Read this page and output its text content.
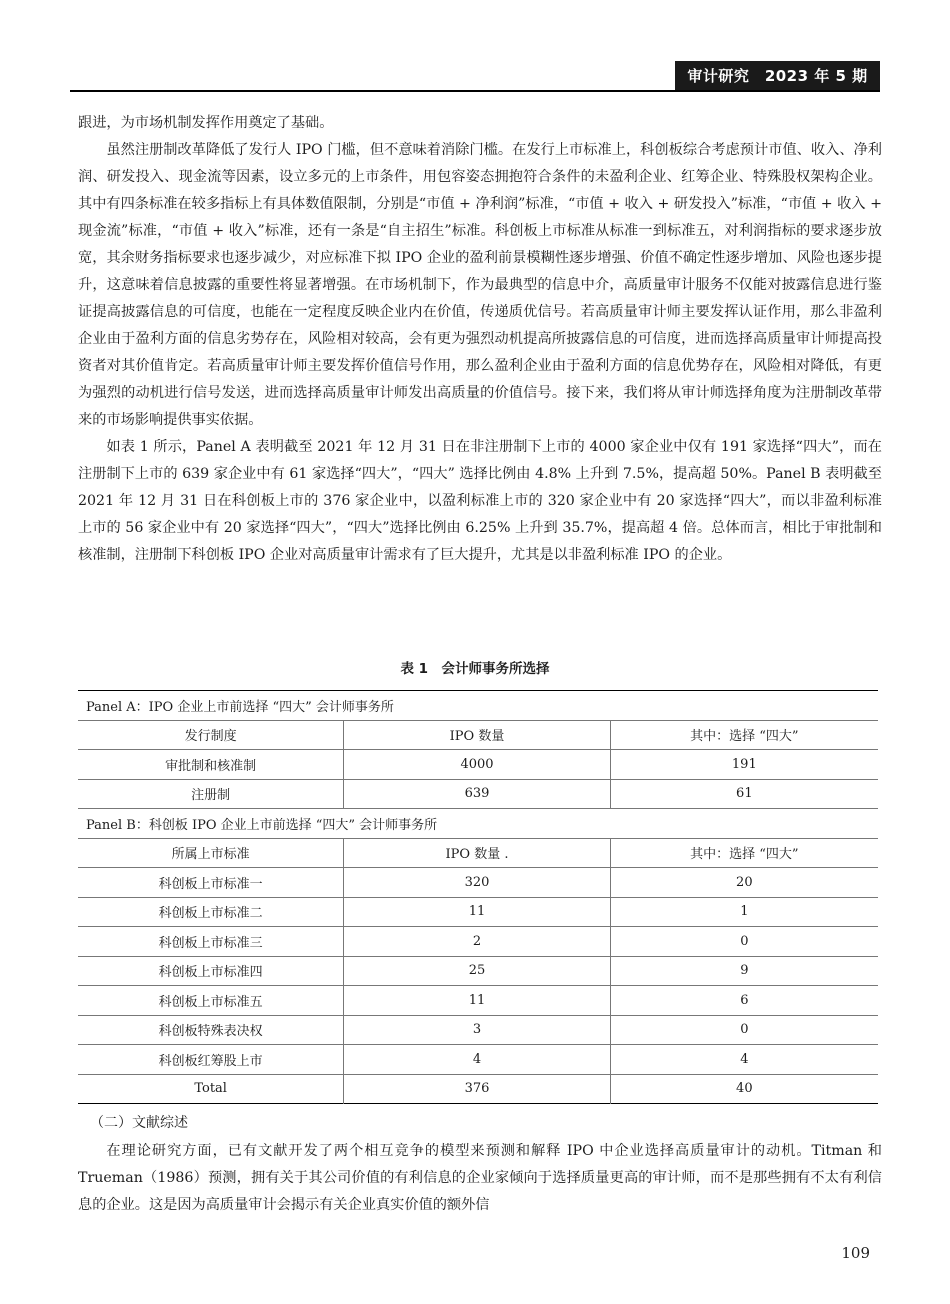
审计研究　2023 年 5 期

跟进，为市场机制发挥作用奠定了基础。

虽然注册制改革降低了发行人 IPO 门槛，但不意味着消除门槛。在发行上市标准上，科创板综合考虑预计市值、收入、净利润、研发投入、现金流等因素，设立多元的上市条件，用包容姿态拥抱符合条件的未盈利企业、红筹企业、特殊股权架构企业。其中有四条标准在较多指标上有具体数值限制，分别是“市值 + 净利润”标准，“市值 + 收入 + 研发投入”标准，“市值 + 收入 + 现金流”标准，“市值 + 收入”标准，还有一条是“自主招生”标准。科创板上市标准从标准一到标准五，对利润指标的要求逐步放宽，其余财务指标要求也逐步减少，对应标准下拟 IPO 企业的盈利前景模糊性逐步增强、价值不确定性逐步增加、风险也逐步提升，这意味着信息披露的重要性将显著增强。在市场机制下，作为最典型的信息中介，高质量审计服务不仅能对披露信息进行鉴证提高披露信息的可信度，也能在一定程度反映企业内在价值，传递质优信号。若高质量审计师主要发挥认证作用，那么非盈利企业由于盈利方面的信息劣势存在，风险相对较高，会有更为强烈动机提高所披露信息的可信度，进而选择高质量审计师提高投资者对其价值肯定。若高质量审计师主要发挥价值信号作用，那么盈利企业由于盈利方面的信息优势存在，风险相对降低，有更为强烈的动机进行信号发送，进而选择高质量审计师发出高质量的价值信号。接下来，我们将从审计师选择角度为注册制改革带来的市场影响提供事实依据。

如表 1 所示，Panel A 表明截至 2021 年 12 月 31 日在非注册制下上市的 4000 家企业中仅有 191 家选择“四大”，而在注册制下上市的 639 家企业中有 61 家选择“四大”，“四大” 选择比例由 4.8% 上升到 7.5%，提高超 50%。Panel B 表明截至 2021 年 12 月 31 日在科创板上市的 376 家企业中，以盈利标准上市的 320 家企业中有 20 家选择“四大”，而以非盈利标准上市的 56 家企业中有 20 家选择“四大”，“四大”选择比例由 6.25% 上升到 35.7%，提高超 4 倍。总体而言，相比于审批制和核准制，注册制下科创板 IPO 企业对高质量审计需求有了巨大提升，尤其是以非盈利标准 IPO 的企业。

表 1　会计师事务所选择
Panel A：IPO 企业上市前选择 “四大” 会计师事务所		
发行制度	IPO 数量	其中：选择 “四大”
审批制和核准制	4000	191
注册制	639	61
Panel B：科创板 IPO 企业上市前选择 “四大” 会计师事务所		
所属上市标准	IPO 数量 .	其中：选择 “四大”
科创板上市标准一	320	20
科创板上市标准二	11	1
科创板上市标准三	2	0
科创板上市标准四	25	9
科创板上市标准五	11	6
科创板特殊表决权	3	0
科创板红筹股上市	4	4
Total	376	40
（二）文献综述

在理论研究方面，已有文献开发了两个相互竞争的模型来预测和解释 IPO 中企业选择高质量审计的动机。Titman 和 Trueman（1986）预测，拥有关于其公司价值的有利信息的企业家倾向于选择质量更高的审计师，而不是那些拥有不太有利信息的企业。这是因为高质量审计会揭示有关企业真实价值的额外信

109
